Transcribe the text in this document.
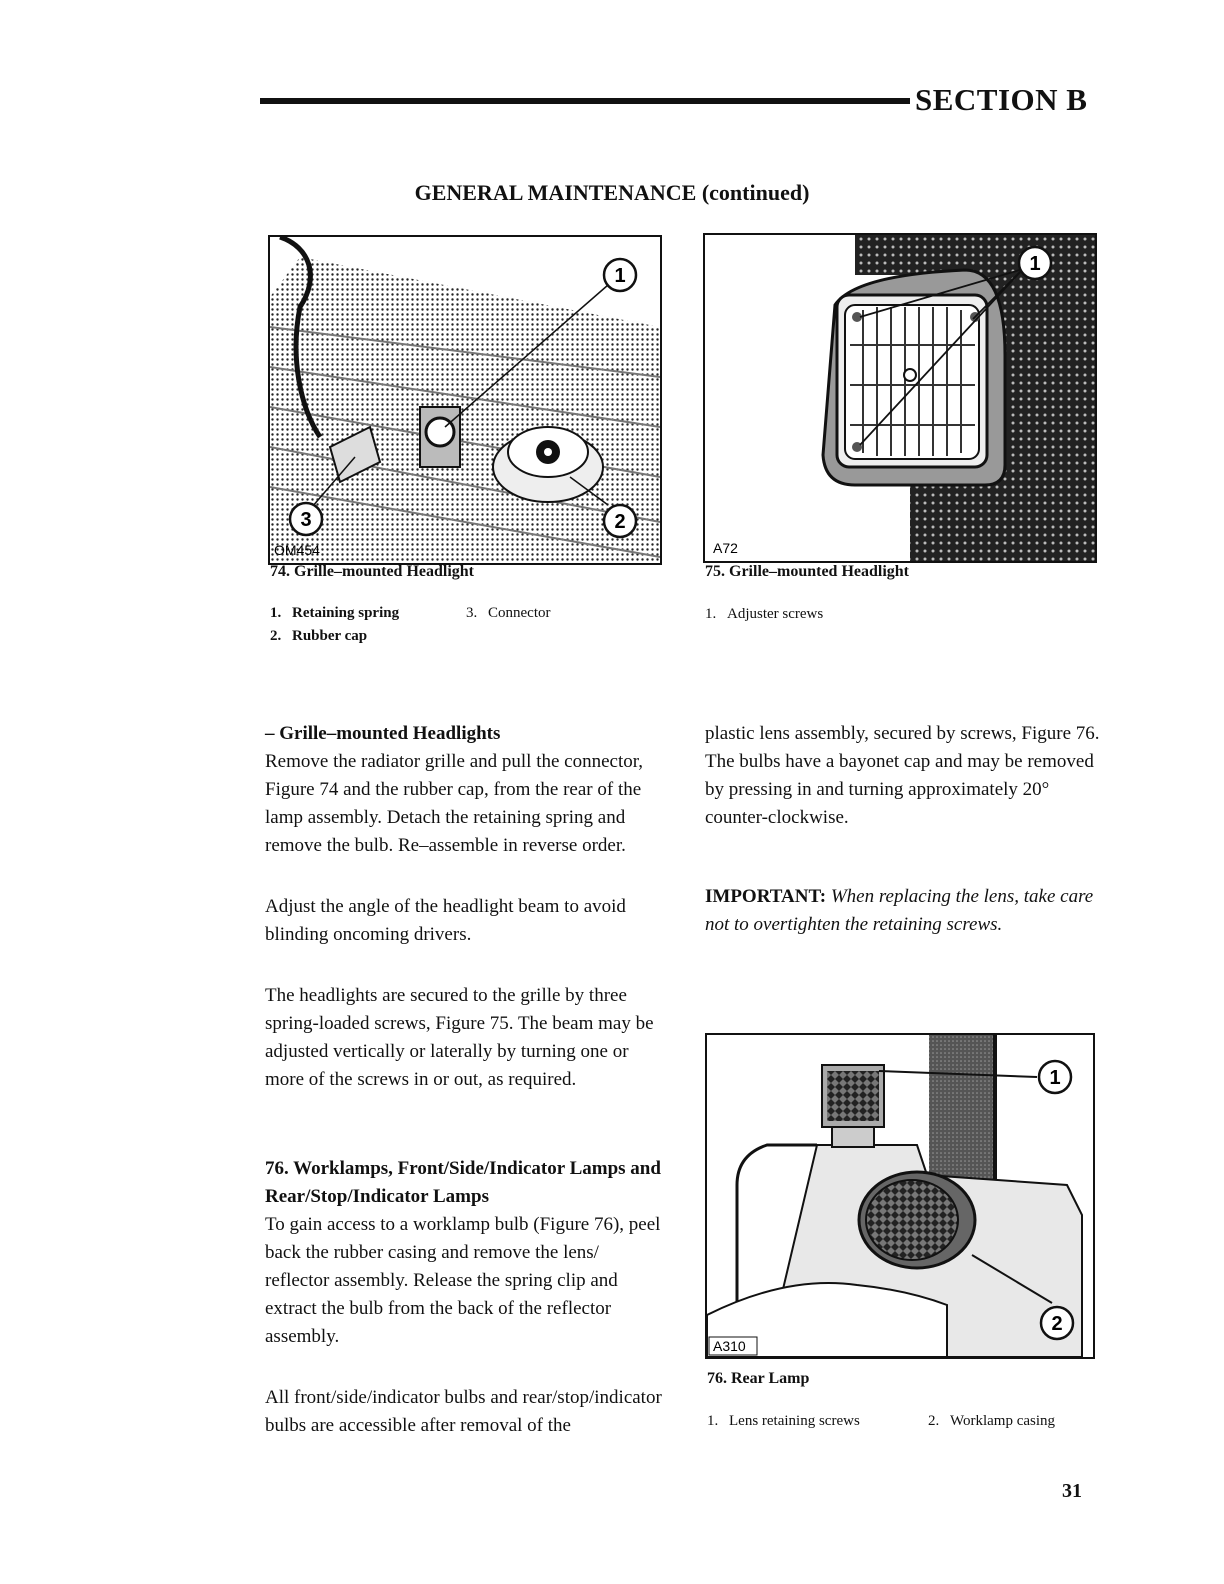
SECTION B
GENERAL MAINTENANCE (continued)
1
2
3
OM454
74. Grille–mounted Headlight
1. Retaining spring
2. Rubber cap
3. Connector
1
A72
75. Grille–mounted Headlight
1. Adjuster screws

– Grille–mounted Headlights

Remove the radiator grille and pull the connector, Figure 74 and the rubber cap, from the rear of the lamp assembly. Detach the retaining spring and remove the bulb. Re–assemble in reverse order.

Adjust the angle of the headlight beam to avoid blinding oncoming drivers.
The headlights are secured to the grille by three spring-loaded screws, Figure 75. The beam may be adjusted vertically or laterally by turning one or more of the screws in or out, as required.

76. Worklamps, Front/Side/Indicator Lamps and Rear/Stop/Indicator Lamps

To gain access to a worklamp bulb (Figure 76), peel back the rubber casing and remove the lens/ reflector assembly. Release the spring clip and extract the bulb from the back of the reflector assembly.

All front/side/indicator bulbs and rear/stop/indicator bulbs are accessible after removal of the
plastic lens assembly, secured by screws, Figure 76. The bulbs have a bayonet cap and may be removed by pressing in and turning approximately 20° counter-clockwise.
IMPORTANT: When replacing the lens, take care not to overtighten the retaining screws.
1
2
A310
76. Rear Lamp
1. Lens retaining screws	2. Worklamp casing
31
